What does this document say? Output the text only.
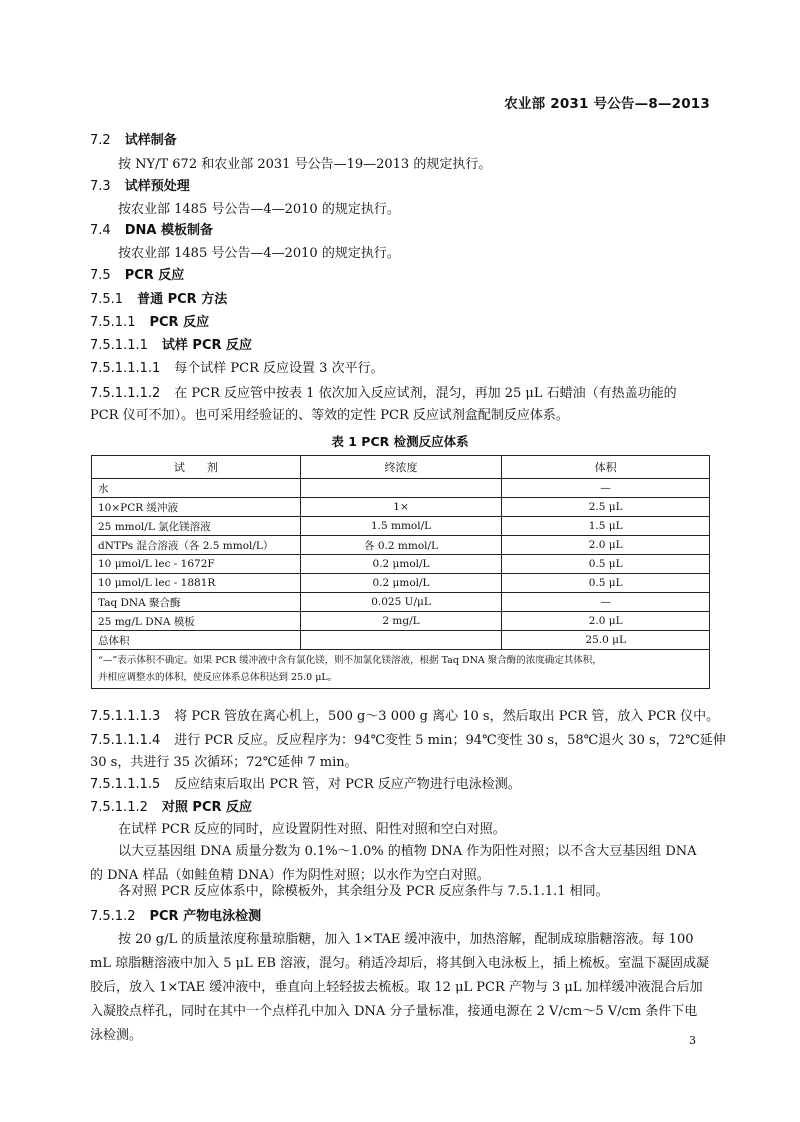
农业部 2031 号公告—8—2013
7.2 试样制备
按 NY/T 672 和农业部 2031 号公告—19—2013 的规定执行。
7.3 试样预处理
按农业部 1485 号公告—4—2010 的规定执行。
7.4 DNA 模板制备
按农业部 1485 号公告—4—2010 的规定执行。
7.5 PCR 反应
7.5.1 普通 PCR 方法
7.5.1.1 PCR 反应
7.5.1.1.1 试样 PCR 反应
7.5.1.1.1.1 每个试样 PCR 反应设置 3 次平行。
7.5.1.1.1.2 在 PCR 反应管中按表 1 依次加入反应试剂，混匀，再加 25 μL 石蜡油（有热盖功能的
PCR 仪可不加）。也可采用经验证的、等效的定性 PCR 反应试剂盒配制反应体系。
表 1 PCR 检测反应体系
试　　剂	终浓度	体积
水		—
10×PCR 缓冲液	1×	2.5 μL
25 mmol/L 氯化镁溶液	1.5 mmol/L	1.5 μL
dNTPs 混合溶液（各 2.5 mmol/L）	各 0.2 mmol/L	2.0 μL
10 μmol/L lec - 1672F	0.2 μmol/L	0.5 μL
10 μmol/L lec - 1881R	0.2 μmol/L	0.5 μL
Taq DNA 聚合酶	0.025 U/μL	—
25 mg/L DNA 模板	2 mg/L	2.0 μL
总体积		25.0 μL

“—”表示体积不确定。如果 PCR 缓冲液中含有氯化镁，则不加氯化镁溶液，根据 Taq DNA 聚合酶的浓度确定其体积，
并相应调整水的体积，使反应体系总体积达到 25.0 μL。		
7.5.1.1.1.3 将 PCR 管放在离心机上，500 g～3 000 g 离心 10 s，然后取出 PCR 管，放入 PCR 仪中。
7.5.1.1.1.4 进行 PCR 反应。反应程序为：94℃变性 5 min；94℃变性 30 s，58℃退火 30 s，72℃延伸
30 s，共进行 35 次循环；72℃延伸 7 min。
7.5.1.1.1.5 反应结束后取出 PCR 管，对 PCR 反应产物进行电泳检测。
7.5.1.1.2 对照 PCR 反应
在试样 PCR 反应的同时，应设置阴性对照、阳性对照和空白对照。
以大豆基因组 DNA 质量分数为 0.1%～1.0% 的植物 DNA 作为阳性对照；以不含大豆基因组 DNA 的 DNA 样品（如鲑鱼精 DNA）作为阴性对照；以水作为空白对照。
各对照 PCR 反应体系中，除模板外，其余组分及 PCR 反应条件与 7.5.1.1.1 相同。
7.5.1.2 PCR 产物电泳检测
按 20 g/L 的质量浓度称量琼脂糖，加入 1×TAE 缓冲液中，加热溶解，配制成琼脂糖溶液。每 100 mL 琼脂糖溶液中加入 5 μL EB 溶液，混匀。稍适冷却后，将其倒入电泳板上，插上梳板。室温下凝固成凝胶后，放入 1×TAE 缓冲液中，垂直向上轻轻拔去梳板。取 12 μL PCR 产物与 3 μL 加样缓冲液混合后加入凝胶点样孔，同时在其中一个点样孔中加入 DNA 分子量标准，接通电源在 2 V/cm～5 V/cm 条件下电泳检测。	3
